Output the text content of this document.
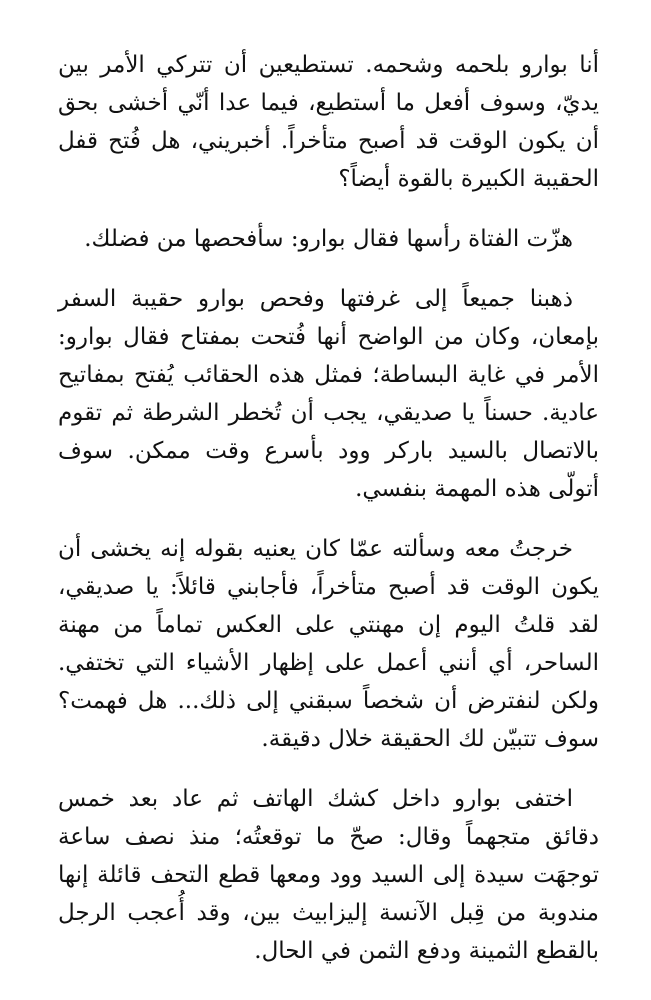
أنا بوارو بلحمه وشحمه. تستطيعين أن تتركي الأمر بين يديّ، وسوف أفعل ما أستطيع، فيما عدا أنّي أخشى بحق أن يكون الوقت قد أصبح متأخراً. أخبريني، هل فُتح قفل الحقيبة الكبيرة بالقوة أيضاً؟

هزّت الفتاة رأسها فقال بوارو: سأفحصها من فضلك.

ذهبنا جميعاً إلى غرفتها وفحص بوارو حقيبة السفر بإمعان، وكان من الواضح أنها فُتحت بمفتاح فقال بوارو: الأمر في غاية البساطة؛ فمثل هذه الحقائب يُفتح بمفاتيح عادية. حسناً يا صديقي، يجب أن تُخطر الشرطة ثم تقوم بالاتصال بالسيد باركر وود بأسرع وقت ممكن. سوف أتولّى هذه المهمة بنفسي.

خرجتُ معه وسألته عمّا كان يعنيه بقوله إنه يخشى أن يكون الوقت قد أصبح متأخراً، فأجابني قائلاً: يا صديقي، لقد قلتُ اليوم إن مهنتي على العكس تماماً من مهنة الساحر، أي أنني أعمل على إظهار الأشياء التي تختفي. ولكن لنفترض أن شخصاً سبقني إلى ذلك... هل فهمت؟ سوف تتبيّن لك الحقيقة خلال دقيقة.

اختفى بوارو داخل كشك الهاتف ثم عاد بعد خمس دقائق متجهماً وقال: صحّ ما توقعتُه؛ منذ نصف ساعة توجهَت سيدة إلى السيد وود ومعها قطع التحف قائلة إنها مندوبة من قِبل الآنسة إليزابيث بين، وقد أُعجب الرجل بالقطع الثمينة ودفع الثمن في الحال.
